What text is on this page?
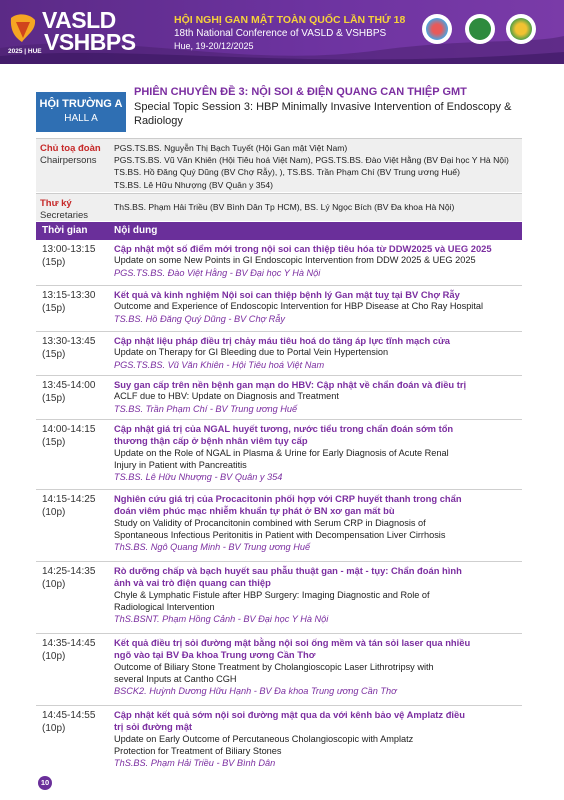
VASLD
VSHBPS
2025 | HUE
HỘI NGHỊ GAN MẬT TOÀN QUỐC LẦN THỨ 18
18th National Conference of VASLD & VSHBPS
Hue, 19-20/12/2025
HỘI TRƯỜNG A
HALL A
PHIÊN CHUYÊN ĐỀ 3: NỘI SOI & ĐIỆN QUANG CAN THIỆP GMT
Special Topic Session 3: HBP Minimally Invasive Intervention of Endoscopy & Radiology
Chủ toạ đoàn
Chairpersons
PGS.TS.BS. Nguyễn Thị Bạch Tuyết (Hội Gan mật Việt Nam)
PGS.TS.BS. Vũ Văn Khiên (Hội Tiêu hoá Việt Nam), PGS.TS.BS. Đào Việt Hằng (BV Đại học Y Hà Nội)
TS.BS. Hồ Đăng Quý Dũng (BV Chợ Rẫy), ), TS.BS. Trần Phạm Chí (BV Trung ương Huế)
TS.BS. Lê Hữu Nhượng (BV Quân y 354)
Thư ký
Secretaries
ThS.BS. Phạm Hải Triều (BV Bình Dân Tp HCM), BS. Lý Ngọc Bích (BV Đa khoa Hà Nội)
Thời gian	Nội dung
13:00-13:15
(15p)
Cập nhật một số điểm mới trong nội soi can thiệp tiêu hóa từ DDW2025 và UEG 2025
Update on some New Points in GI Endoscopic Intervention from DDW 2025 & UEG 2025
PGS.TS.BS. Đào Việt Hằng - BV Đại học Y Hà Nội
13:15-13:30
(15p)
Kết quả và kinh nghiệm Nội soi can thiệp bệnh lý Gan mật tuỵ tại BV Chợ Rẫy
Outcome and Experience of Endoscopic Intervention for HBP Disease at Cho Ray Hospital
TS.BS. Hồ Đăng Quý Dũng - BV Chợ Rẫy
13:30-13:45
(15p)
Cập nhật liệu pháp điều trị chảy máu tiêu hoá do tăng áp lực tĩnh mạch cửa
Update on Therapy for GI Bleeding due to Portal Vein Hypertension
PGS.TS.BS. Vũ Văn Khiên - Hội Tiêu hoá Việt Nam
13:45-14:00
(15p)
Suy gan cấp trên nền bệnh gan mạn do HBV: Cập nhật về chẩn đoán và điều trị
ACLF due to HBV: Update on Diagnosis and Treatment
TS.BS. Trần Phạm Chí - BV Trung ương Huế
14:00-14:15
(15p)
Cập nhật giá trị của NGAL huyết tương, nước tiểu trong chẩn đoán sớm tổn
thương thận cấp ở bệnh nhân viêm tụy cấp
Update on the Role of NGAL in Plasma & Urine for Early Diagnosis of Acute Renal
Injury in Patient with Pancreatitis
TS.BS. Lê Hữu Nhượng - BV Quân y 354
14:15-14:25
(10p)
Nghiên cứu giá trị của Procacitonin phối hợp với CRP huyết thanh trong chẩn
đoán viêm phúc mạc nhiễm khuẩn tự phát ở BN xơ gan mất bù
Study on Validity of Procancitonin combined with Serum CRP in Diagnosis of
Spontaneous Infectious Peritonitis in Patient with Decompensation Liver Cirrhosis
ThS.BS. Ngô Quang Minh - BV Trung ương Huế
14:25-14:35
(10p)
Rò dưỡng chấp và bạch huyết sau phẫu thuật gan - mật - tụy: Chẩn đoán hình
ảnh và vai trò điện quang can thiệp
Chyle & Lymphatic Fistule after HBP Surgery: Imaging Diagnostic and Role of
Radiological Intervention
ThS.BSNT. Phạm Hồng Cảnh - BV Đại học Y Hà Nội
14:35-14:45
(10p)
Kết quả điều trị sỏi đường mật bằng nội soi ống mềm và tán sỏi laser qua nhiều
ngõ vào tại BV Đa khoa Trung ương Cần Thơ
Outcome of Biliary Stone Treatment by Cholangioscopic Laser Lithrotripsy with
several Inputs at Cantho CGH
BSCK2. Huỳnh Dương Hữu Hạnh - BV Đa khoa Trung ương Cần Thơ
14:45-14:55
(10p)
Cập nhật kết quả sớm nội soi đường mật qua da với kênh bảo vệ Amplatz điều
trị sỏi đường mật
Update on Early Outcome of Percutaneous Cholangioscopic with Amplatz
Protection for Treatment of Biliary Stones
ThS.BS. Phạm Hải Triều - BV Bình Dân
10
